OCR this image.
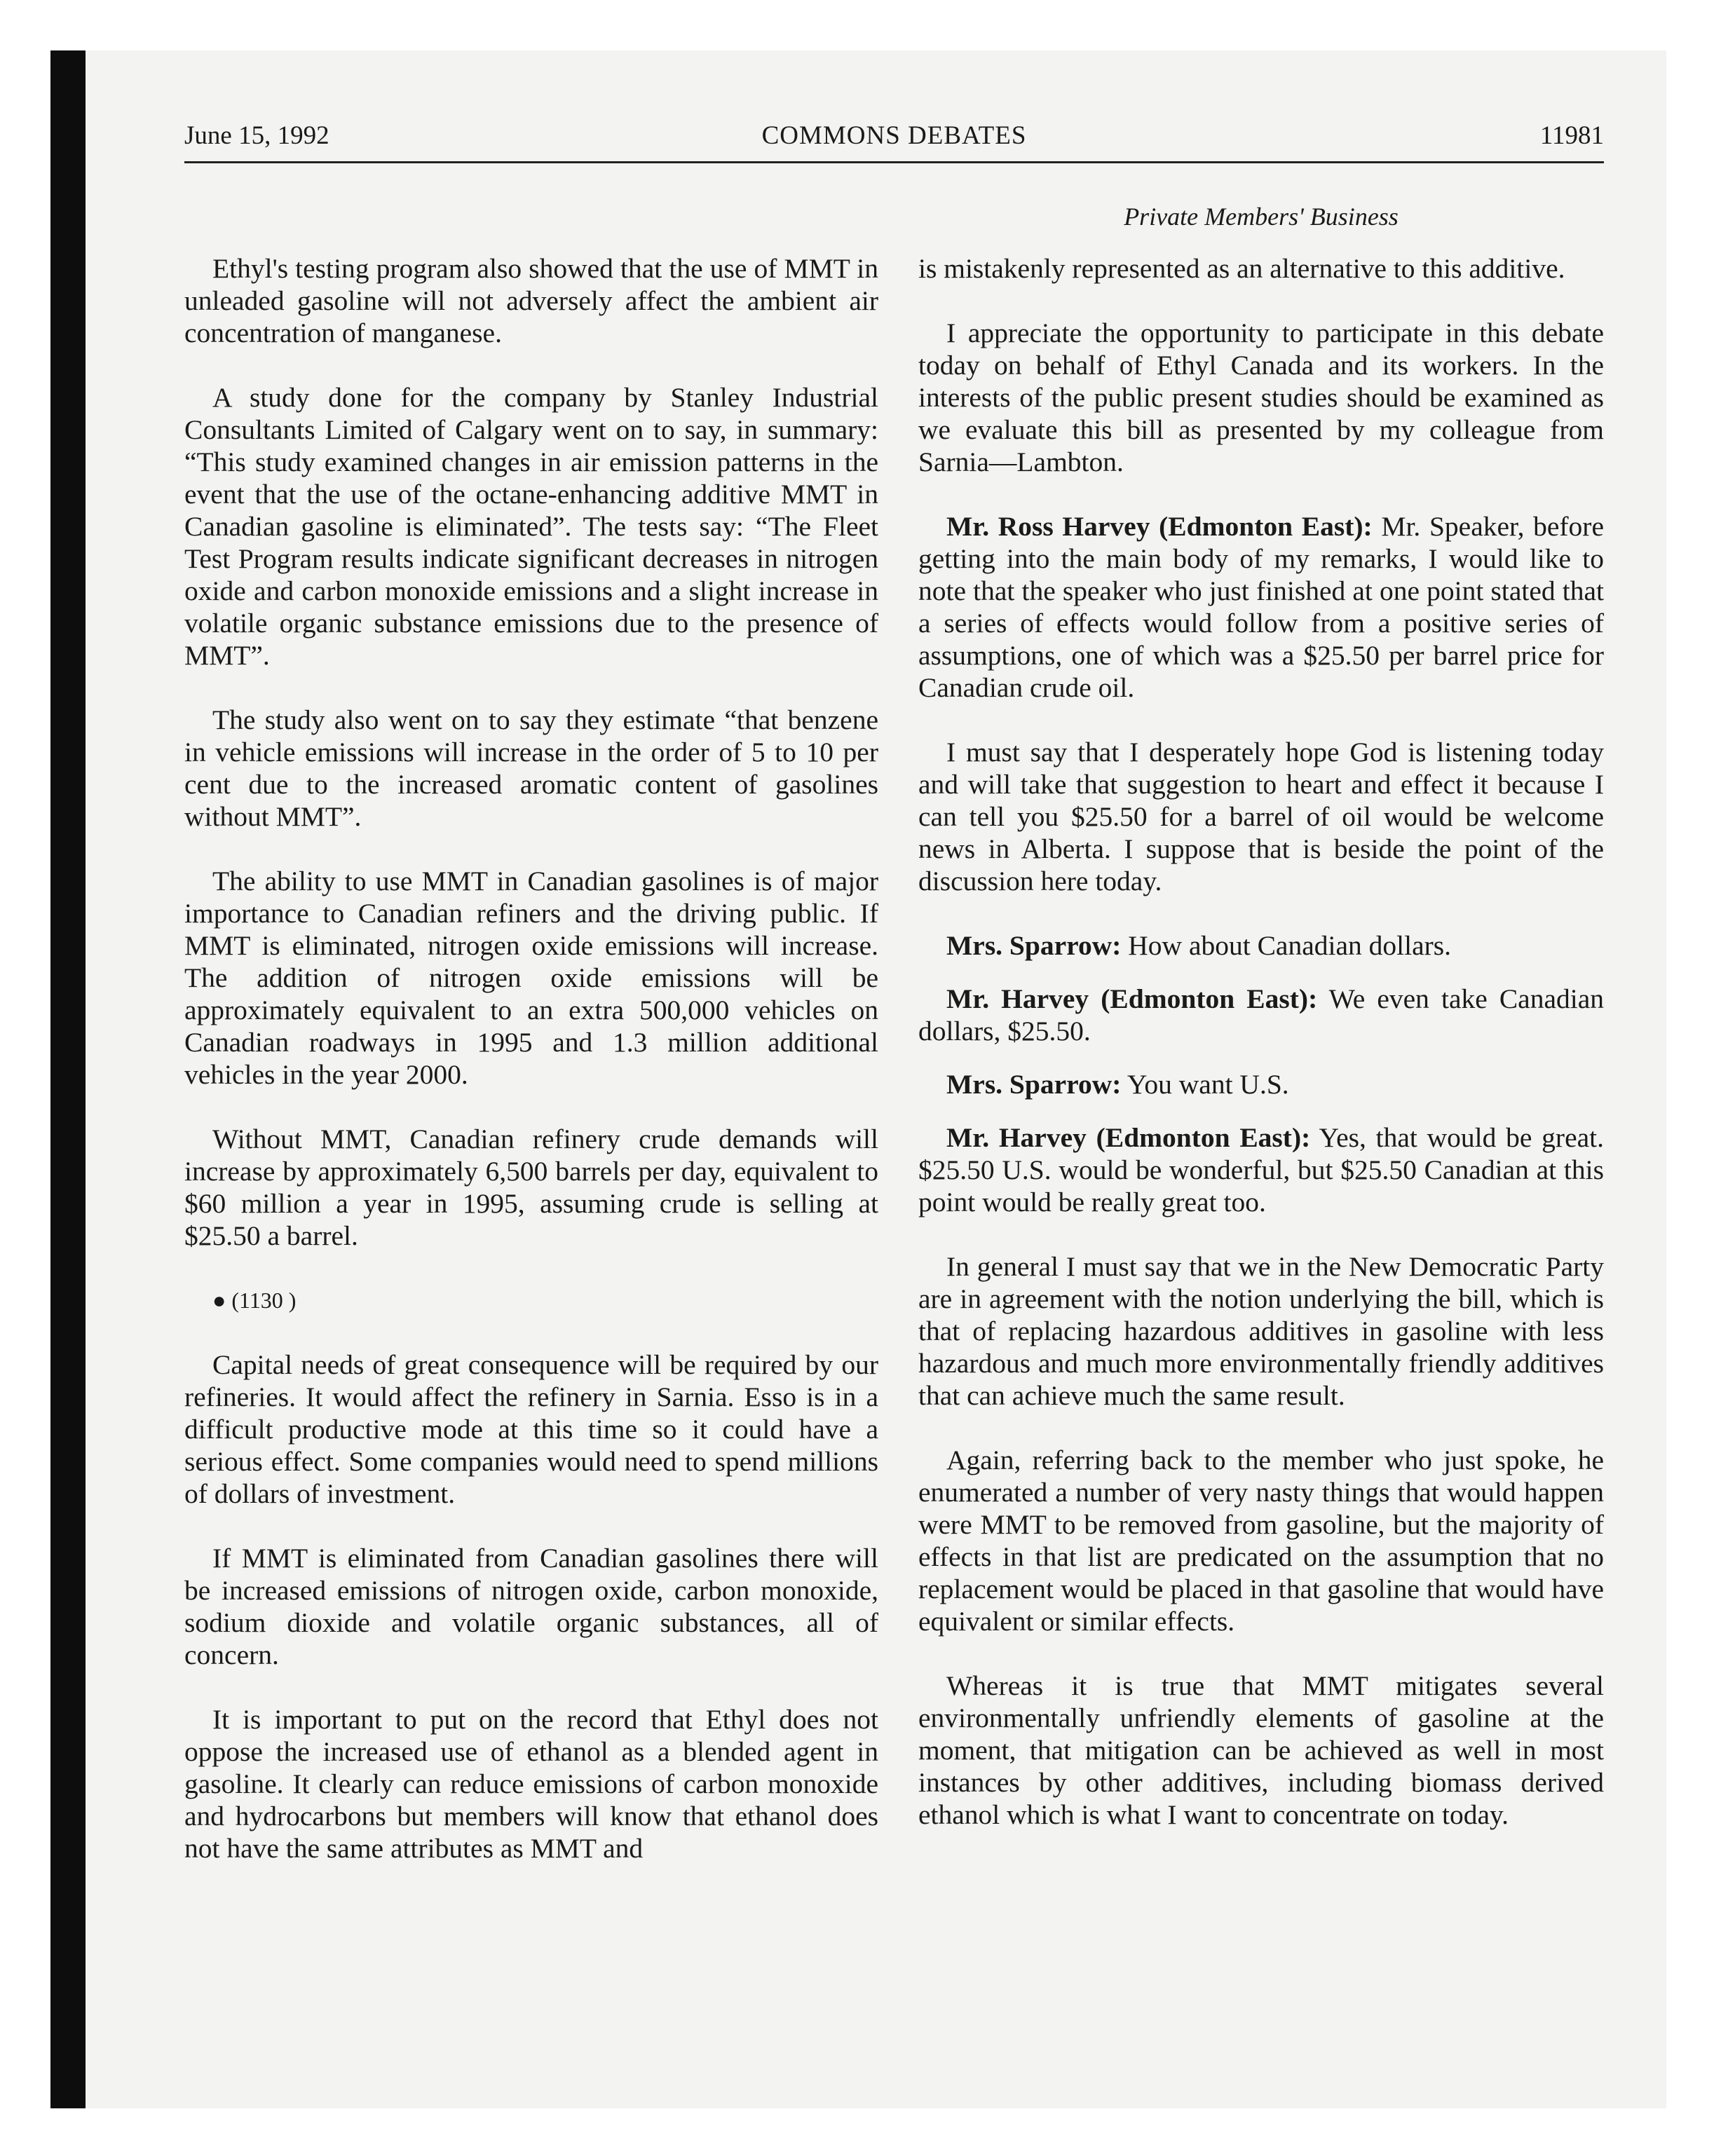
June 15, 1992	COMMONS DEBATES	11981
Private Members' Business

Ethyl's testing program also showed that the use of MMT in unleaded gasoline will not adversely affect the ambient air concentration of manganese.

A study done for the company by Stanley Industrial Consultants Limited of Calgary went on to say, in summary: “This study examined changes in air emission patterns in the event that the use of the octane-enhancing additive MMT in Canadian gasoline is eliminated”. The tests say: “The Fleet Test Program results indicate significant decreases in nitrogen oxide and carbon monoxide emissions and a slight increase in volatile organic substance emissions due to the presence of MMT”.

The study also went on to say they estimate “that benzene in vehicle emissions will increase in the order of 5 to 10 per cent due to the increased aromatic content of gasolines without MMT”.

The ability to use MMT in Canadian gasolines is of major importance to Canadian refiners and the driving public. If MMT is eliminated, nitrogen oxide emissions will increase. The addition of nitrogen oxide emissions will be approximately equivalent to an extra 500,000 vehicles on Canadian roadways in 1995 and 1.3 million additional vehicles in the year 2000.

Without MMT, Canadian refinery crude demands will increase by approximately 6,500 barrels per day, equivalent to $60 million a year in 1995, assuming crude is selling at $25.50 a barrel.

● (1130 )

Capital needs of great consequence will be required by our refineries. It would affect the refinery in Sarnia. Esso is in a difficult productive mode at this time so it could have a serious effect. Some companies would need to spend millions of dollars of investment.

If MMT is eliminated from Canadian gasolines there will be increased emissions of nitrogen oxide, carbon monoxide, sodium dioxide and volatile organic substances, all of concern.

It is important to put on the record that Ethyl does not oppose the increased use of ethanol as a blended agent in gasoline. It clearly can reduce emissions of carbon monoxide and hydrocarbons but members will know that ethanol does not have the same attributes as MMT and

is mistakenly represented as an alternative to this additive.

I appreciate the opportunity to participate in this debate today on behalf of Ethyl Canada and its workers. In the interests of the public present studies should be examined as we evaluate this bill as presented by my colleague from Sarnia—Lambton.

Mr. Ross Harvey (Edmonton East): Mr. Speaker, before getting into the main body of my remarks, I would like to note that the speaker who just finished at one point stated that a series of effects would follow from a positive series of assumptions, one of which was a $25.50 per barrel price for Canadian crude oil.

I must say that I desperately hope God is listening today and will take that suggestion to heart and effect it because I can tell you $25.50 for a barrel of oil would be welcome news in Alberta. I suppose that is beside the point of the discussion here today.

Mrs. Sparrow: How about Canadian dollars.

Mr. Harvey (Edmonton East): We even take Canadian dollars, $25.50.

Mrs. Sparrow: You want U.S.

Mr. Harvey (Edmonton East): Yes, that would be great. $25.50 U.S. would be wonderful, but $25.50 Canadian at this point would be really great too.

In general I must say that we in the New Democratic Party are in agreement with the notion underlying the bill, which is that of replacing hazardous additives in gasoline with less hazardous and much more environmentally friendly additives that can achieve much the same result.

Again, referring back to the member who just spoke, he enumerated a number of very nasty things that would happen were MMT to be removed from gasoline, but the majority of effects in that list are predicated on the assumption that no replacement would be placed in that gasoline that would have equivalent or similar effects.

Whereas it is true that MMT mitigates several environmentally unfriendly elements of gasoline at the moment, that mitigation can be achieved as well in most instances by other additives, including biomass derived ethanol which is what I want to concentrate on today.
